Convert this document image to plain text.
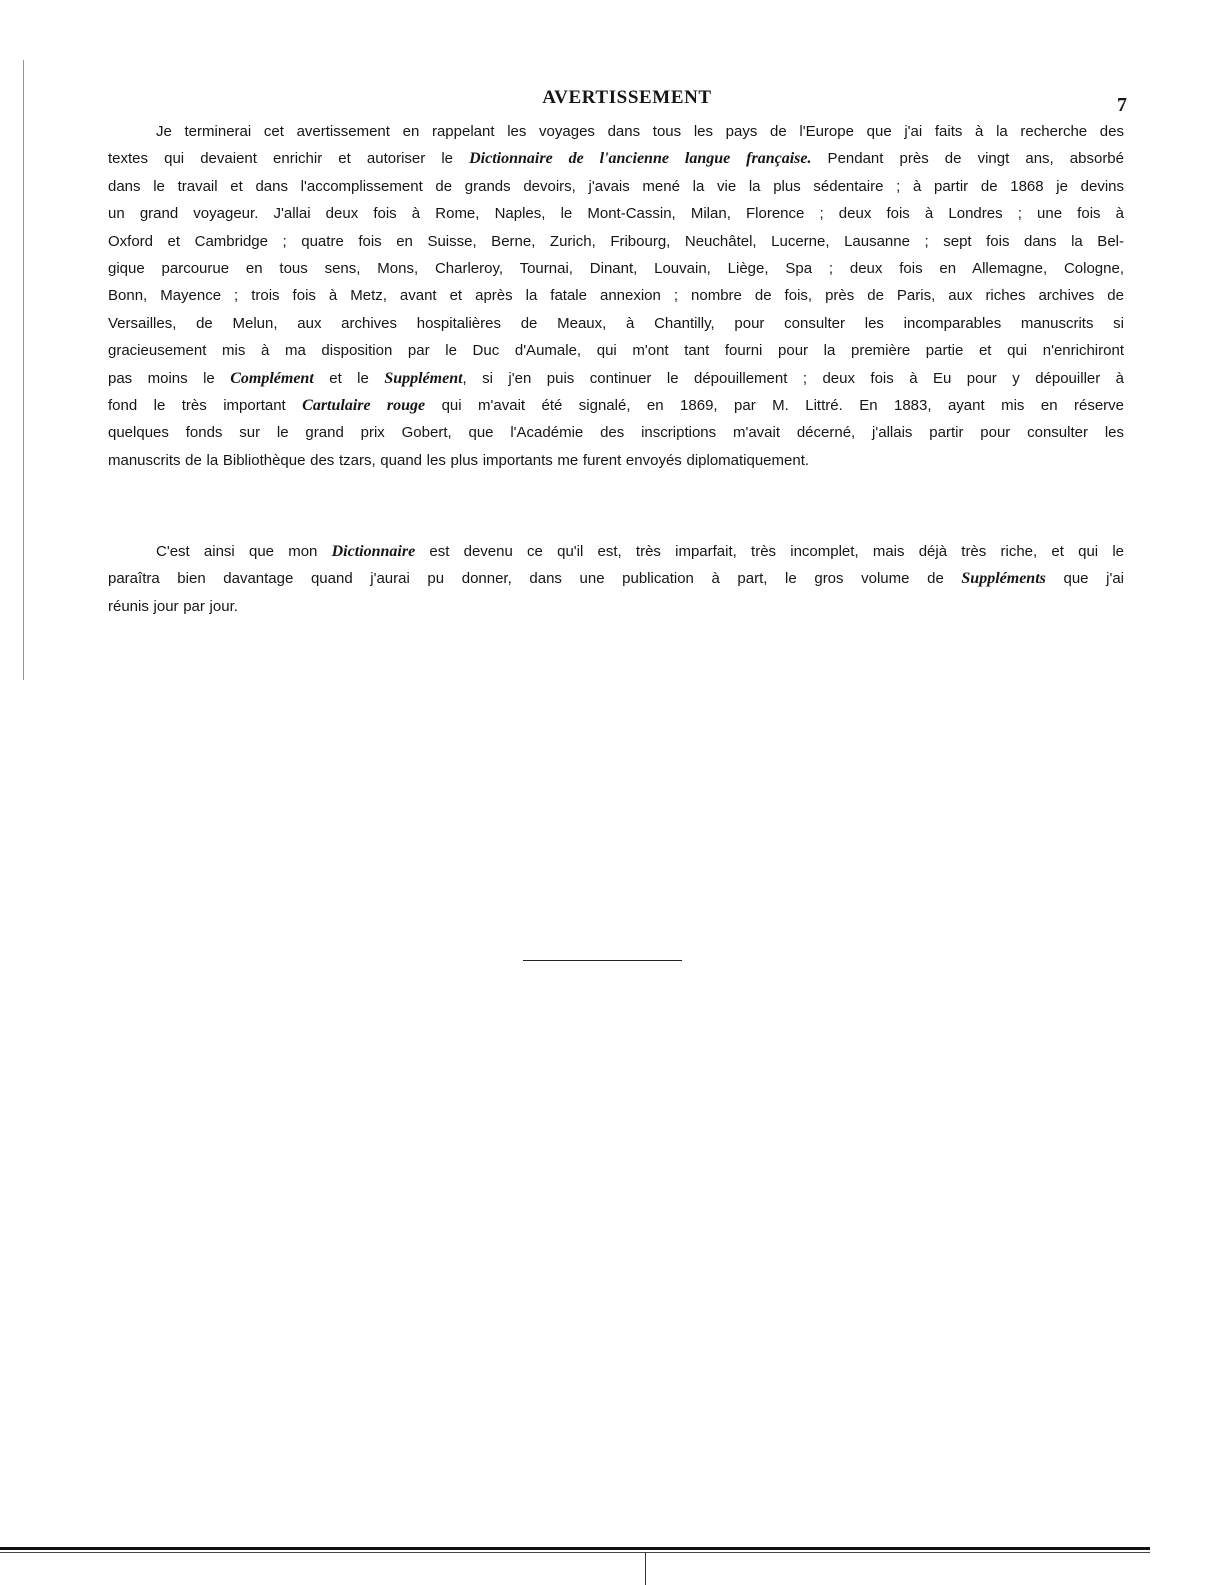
AVERTISSEMENT	7

Je terminerai cet avertissement en rappelant les voyages dans tous les pays de l'Europe que j'ai faits à la recherche des
textes qui devaient enrichir et autoriser le Dictionnaire de l'ancienne langue française. Pendant près de vingt ans, absorbé
dans le travail et dans l'accomplissement de grands devoirs, j'avais mené la vie la plus sédentaire ; à partir de 1868 je devins
un grand voyageur. J'allai deux fois à Rome, Naples, le Mont-Cassin, Milan, Florence ; deux fois à Londres ; une fois à
Oxford et Cambridge ; quatre fois en Suisse, Berne, Zurich, Fribourg, Neuchâtel, Lucerne, Lausanne ; sept fois dans la Bel-
gique parcourue en tous sens, Mons, Charleroy, Tournai, Dinant, Louvain, Liège, Spa ; deux fois en Allemagne, Cologne,
Bonn, Mayence ; trois fois à Metz, avant et après la fatale annexion ; nombre de fois, près de Paris, aux riches archives de
Versailles, de Melun, aux archives hospitalières de Meaux, à Chantilly, pour consulter les incomparables manuscrits si
gracieusement mis à ma disposition par le Duc d'Aumale, qui m'ont tant fourni pour la première partie et qui n'enrichiront
pas moins le Complément et le Supplément, si j'en puis continuer le dépouillement ; deux fois à Eu pour y dépouiller à
fond le très important Cartulaire rouge qui m'avait été signalé, en 1869, par M. Littré. En 1883, ayant mis en réserve
quelques fonds sur le grand prix Gobert, que l'Académie des inscriptions m'avait décerné, j'allais partir pour consulter les
manuscrits de la Bibliothèque des tzars, quand les plus importants me furent envoyés diplomatiquement.

C'est ainsi que mon Dictionnaire est devenu ce qu'il est, très imparfait, très incomplet, mais déjà très riche, et qui le
paraîtra bien davantage quand j'aurai pu donner, dans une publication à part, le gros volume de Suppléments que j'ai
réunis jour par jour.
